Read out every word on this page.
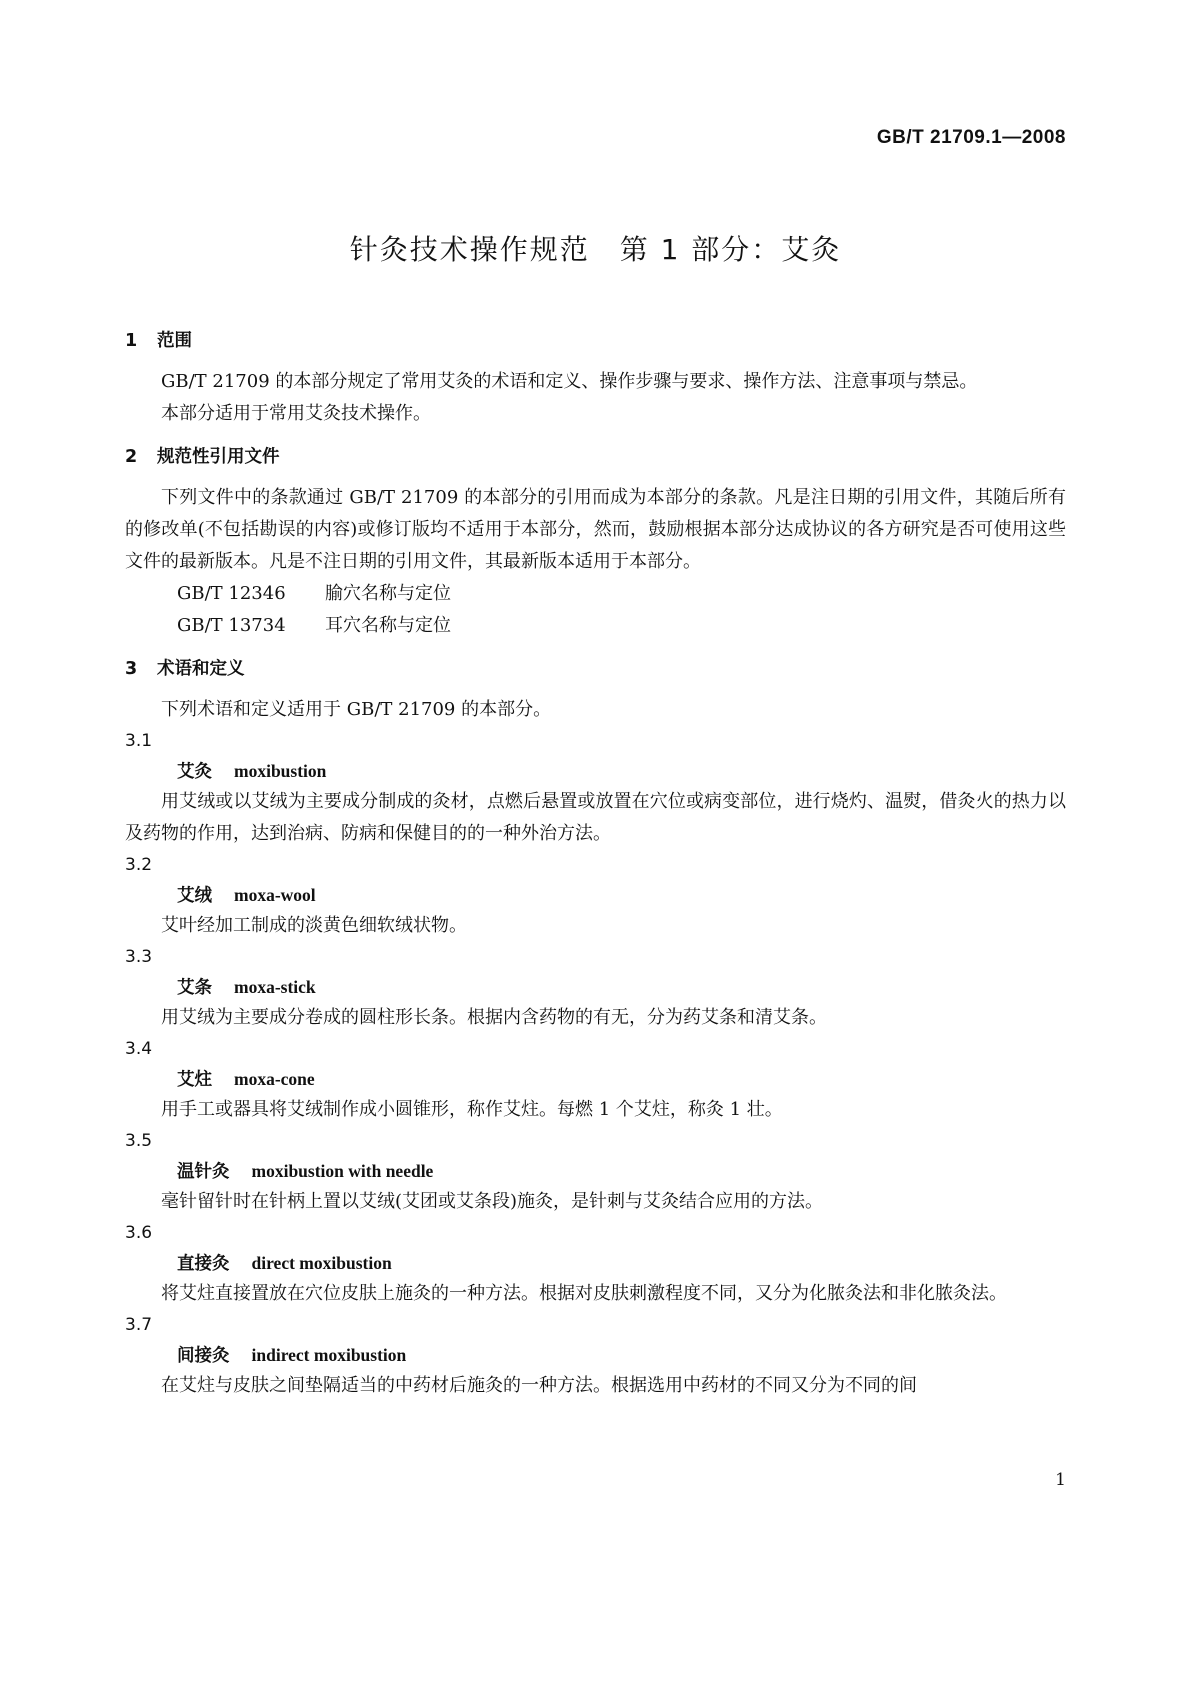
GB/T 21709.1—2008
针灸技术操作规范　第 1 部分：艾灸
1 范围

GB/T 21709 的本部分规定了常用艾灸的术语和定义、操作步骤与要求、操作方法、注意事项与禁忌。

本部分适用于常用艾灸技术操作。

2 规范性引用文件

下列文件中的条款通过 GB/T 21709 的本部分的引用而成为本部分的条款。凡是注日期的引用文件，其随后所有的修改单(不包括勘误的内容)或修订版均不适用于本部分，然而，鼓励根据本部分达成协议的各方研究是否可使用这些文件的最新版本。凡是不注日期的引用文件，其最新版本适用于本部分。

GB/T 12346 腧穴名称与定位
GB/T 13734 耳穴名称与定位
3 术语和定义

下列术语和定义适用于 GB/T 21709 的本部分。

3.1
艾灸 moxibustion

用艾绒或以艾绒为主要成分制成的灸材，点燃后悬置或放置在穴位或病变部位，进行烧灼、温熨，借灸火的热力以及药物的作用，达到治病、防病和保健目的的一种外治方法。

3.2
艾绒 moxa-wool

艾叶经加工制成的淡黄色细软绒状物。

3.3
艾条 moxa-stick

用艾绒为主要成分卷成的圆柱形长条。根据内含药物的有无，分为药艾条和清艾条。

3.4
艾炷 moxa-cone

用手工或器具将艾绒制作成小圆锥形，称作艾炷。每燃 1 个艾炷，称灸 1 壮。

3.5
温针灸 moxibustion with needle

毫针留针时在针柄上置以艾绒(艾团或艾条段)施灸，是针刺与艾灸结合应用的方法。

3.6
直接灸 direct moxibustion

将艾炷直接置放在穴位皮肤上施灸的一种方法。根据对皮肤刺激程度不同，又分为化脓灸法和非化脓灸法。

3.7
间接灸 indirect moxibustion

在艾炷与皮肤之间垫隔适当的中药材后施灸的一种方法。根据选用中药材的不同又分为不同的间

1
